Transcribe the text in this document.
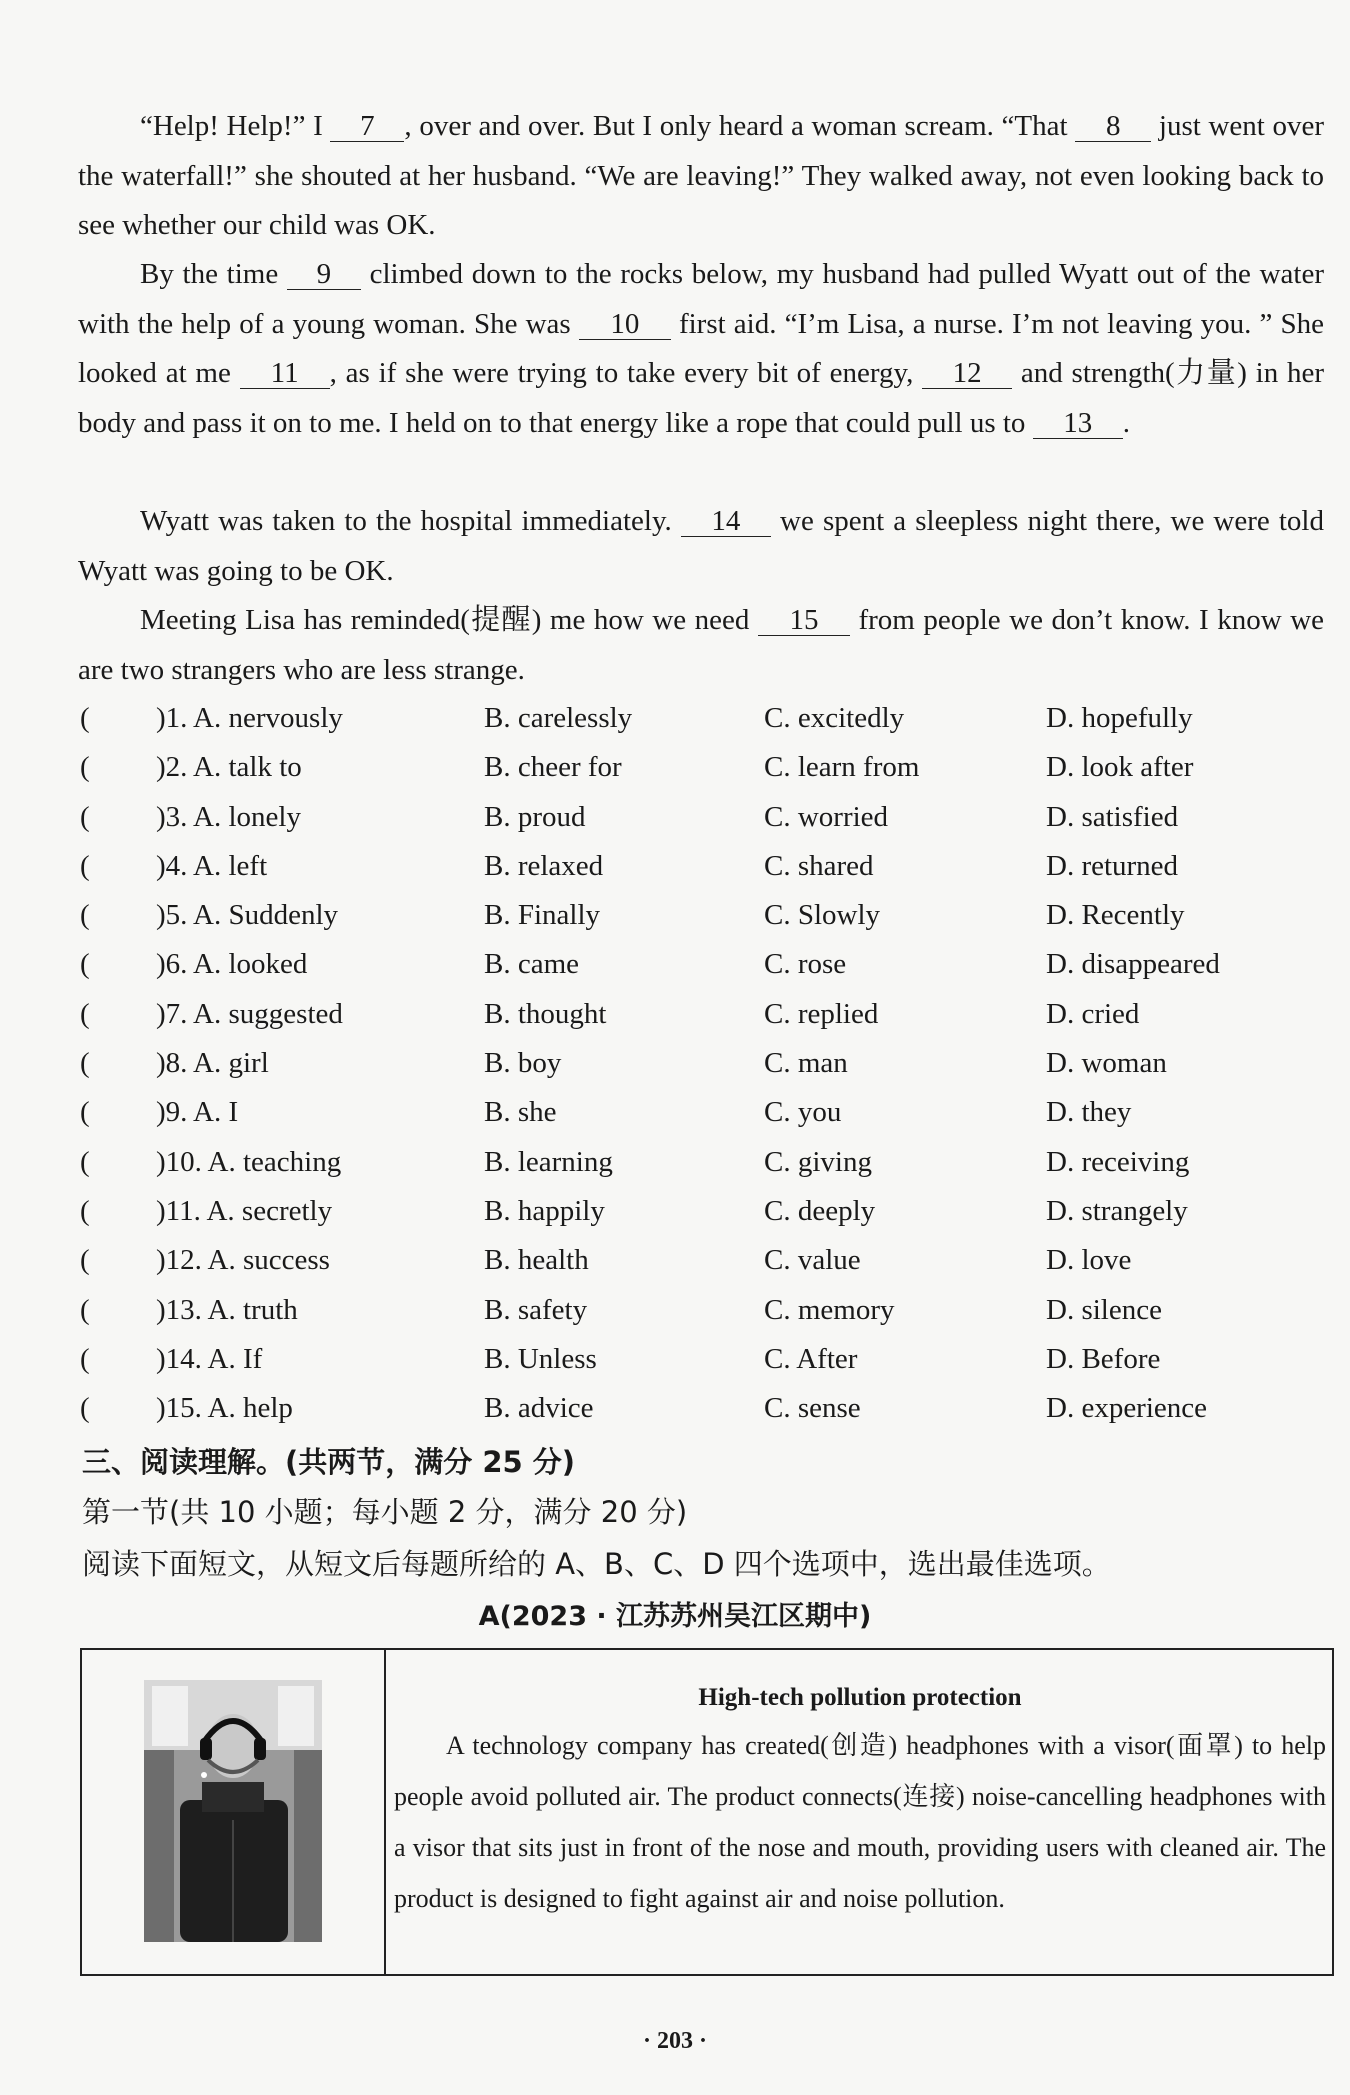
“Help! Help!” I 7 , over and over. But I only heard a woman scream. “That 8 just went over the waterfall!” she shouted at her husband. “We are leaving!” They walked away, not even looking back to see whether our child was OK.
By the time 9 climbed down to the rocks below, my husband had pulled Wyatt out of the water with the help of a young woman. She was 10 first aid. “I’m Lisa, a nurse. I’m not leaving you. ” She looked at me 11 , as if she were trying to take every bit of energy, 12 and strength(力量) in her body and pass it on to me. I held on to that energy like a rope that could pull us to 13 .
Wyatt was taken to the hospital immediately. 14 we spent a sleepless night there, we were told Wyatt was going to be OK.
Meeting Lisa has reminded(提醒) me how we need 15 from people we don’t know. I know we are two strangers who are less strange.
( )1. A. nervously	B. carelessly	C. excitedly	D. hopefully
( )2. A. talk to	B. cheer for	C. learn from	D. look after
( )3. A. lonely	B. proud	C. worried	D. satisfied
( )4. A. left	B. relaxed	C. shared	D. returned
( )5. A. Suddenly	B. Finally	C. Slowly	D. Recently
( )6. A. looked	B. came	C. rose	D. disappeared
( )7. A. suggested	B. thought	C. replied	D. cried
( )8. A. girl	B. boy	C. man	D. woman
( )9. A. I	B. she	C. you	D. they
( )10. A. teaching	B. learning	C. giving	D. receiving
( )11. A. secretly	B. happily	C. deeply	D. strangely
( )12. A. success	B. health	C. value	D. love
( )13. A. truth	B. safety	C. memory	D. silence
( )14. A. If	B. Unless	C. After	D. Before
( )15. A. help	B. advice	C. sense	D. experience
三、阅读理解。(共两节，满分 25 分)
第一节(共 10 小题；每小题 2 分，满分 20 分)
阅读下面短文，从短文后每题所给的 A、B、C、D 四个选项中，选出最佳选项。
A(2023 · 江苏苏州吴江区期中)
High-tech pollution protection
A technology company has created(创造) headphones with a visor(面罩) to help people avoid polluted air. The product connects(连接) noise-cancelling headphones with a visor that sits just in front of the nose and mouth, providing users with cleaned air. The product is designed to fight against air and noise pollution.
· 203 ·
